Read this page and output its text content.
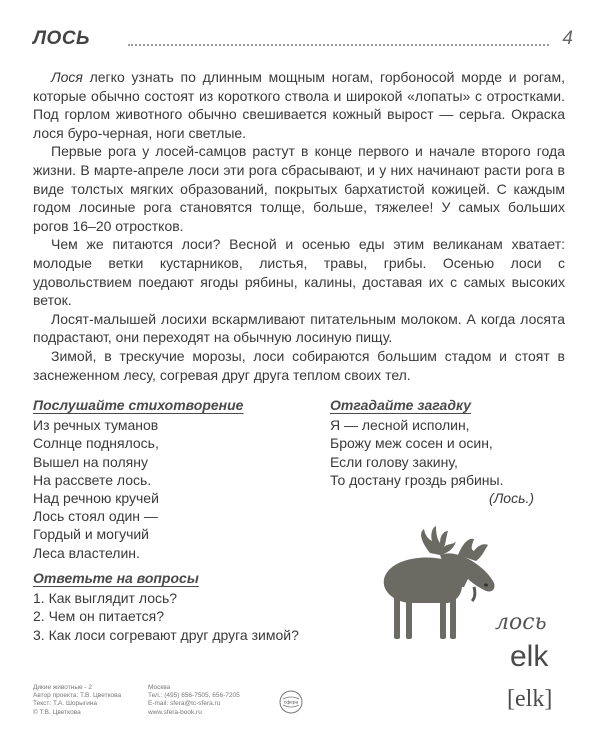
ЛОСЬ	4

Лося легко узнать по длинным мощным ногам, горбоносой морде и рогам, которые обычно состоят из короткого ствола и широкой «лопаты» с отростками. Под горлом животного обычно свешивается кожный вырост — серьга. Окраска лося буро-черная, ноги светлые.

Первые рога у лосей-самцов растут в конце первого и начале второго года жизни. В марте-апреле лоси эти рога сбрасывают, и у них начинают расти рога в виде толстых мягких образований, покрытых бархатистой кожицей. С каждым годом лосиные рога становятся толще, больше, тяжелее! У самых больших рогов 16–20 отростков.

Чем же питаются лоси? Весной и осенью еды этим великанам хватает: молодые ветки кустарников, листья, травы, грибы. Осенью лоси с удовольствием поедают ягоды рябины, калины, доставая их с самых высоких веток.

Лосят-малышей лосихи вскармливают питательным молоком. А когда лосята подрастают, они переходят на обычную лосиную пищу.

Зимой, в трескучие морозы, лоси собираются большим стадом и стоят в заснеженном лесу, согревая друг друга теплом своих тел.

Послушайте стихотворение
Из речных туманов
Солнце поднялось,
Вышел на поляну
На рассвете лось.
Над речною кручей
Лось стоял один —
Гордый и могучий
Леса властелин.
Отгадайте загадку
Я — лесной исполин,
Брожу меж сосен и осин,
Если голову закину,
То достану гроздь рябины.
(Лось.)
Ответьте на вопросы
1. Как выглядит лось?
2. Чем он питается?
3. Как лоси согревают друг друга зимой?	лось
elk
[elk]
Дикие животные - 2
Автор проекта: Т.В. Цветкова
Текст: Т.А. Шорыгина
© Т.В. Цветкова
Москва
Тел.: (495) 656-7505, 656-7205
E-mail: sfera@tc-sfera.ru
www.sfera-book.ru
сфера
